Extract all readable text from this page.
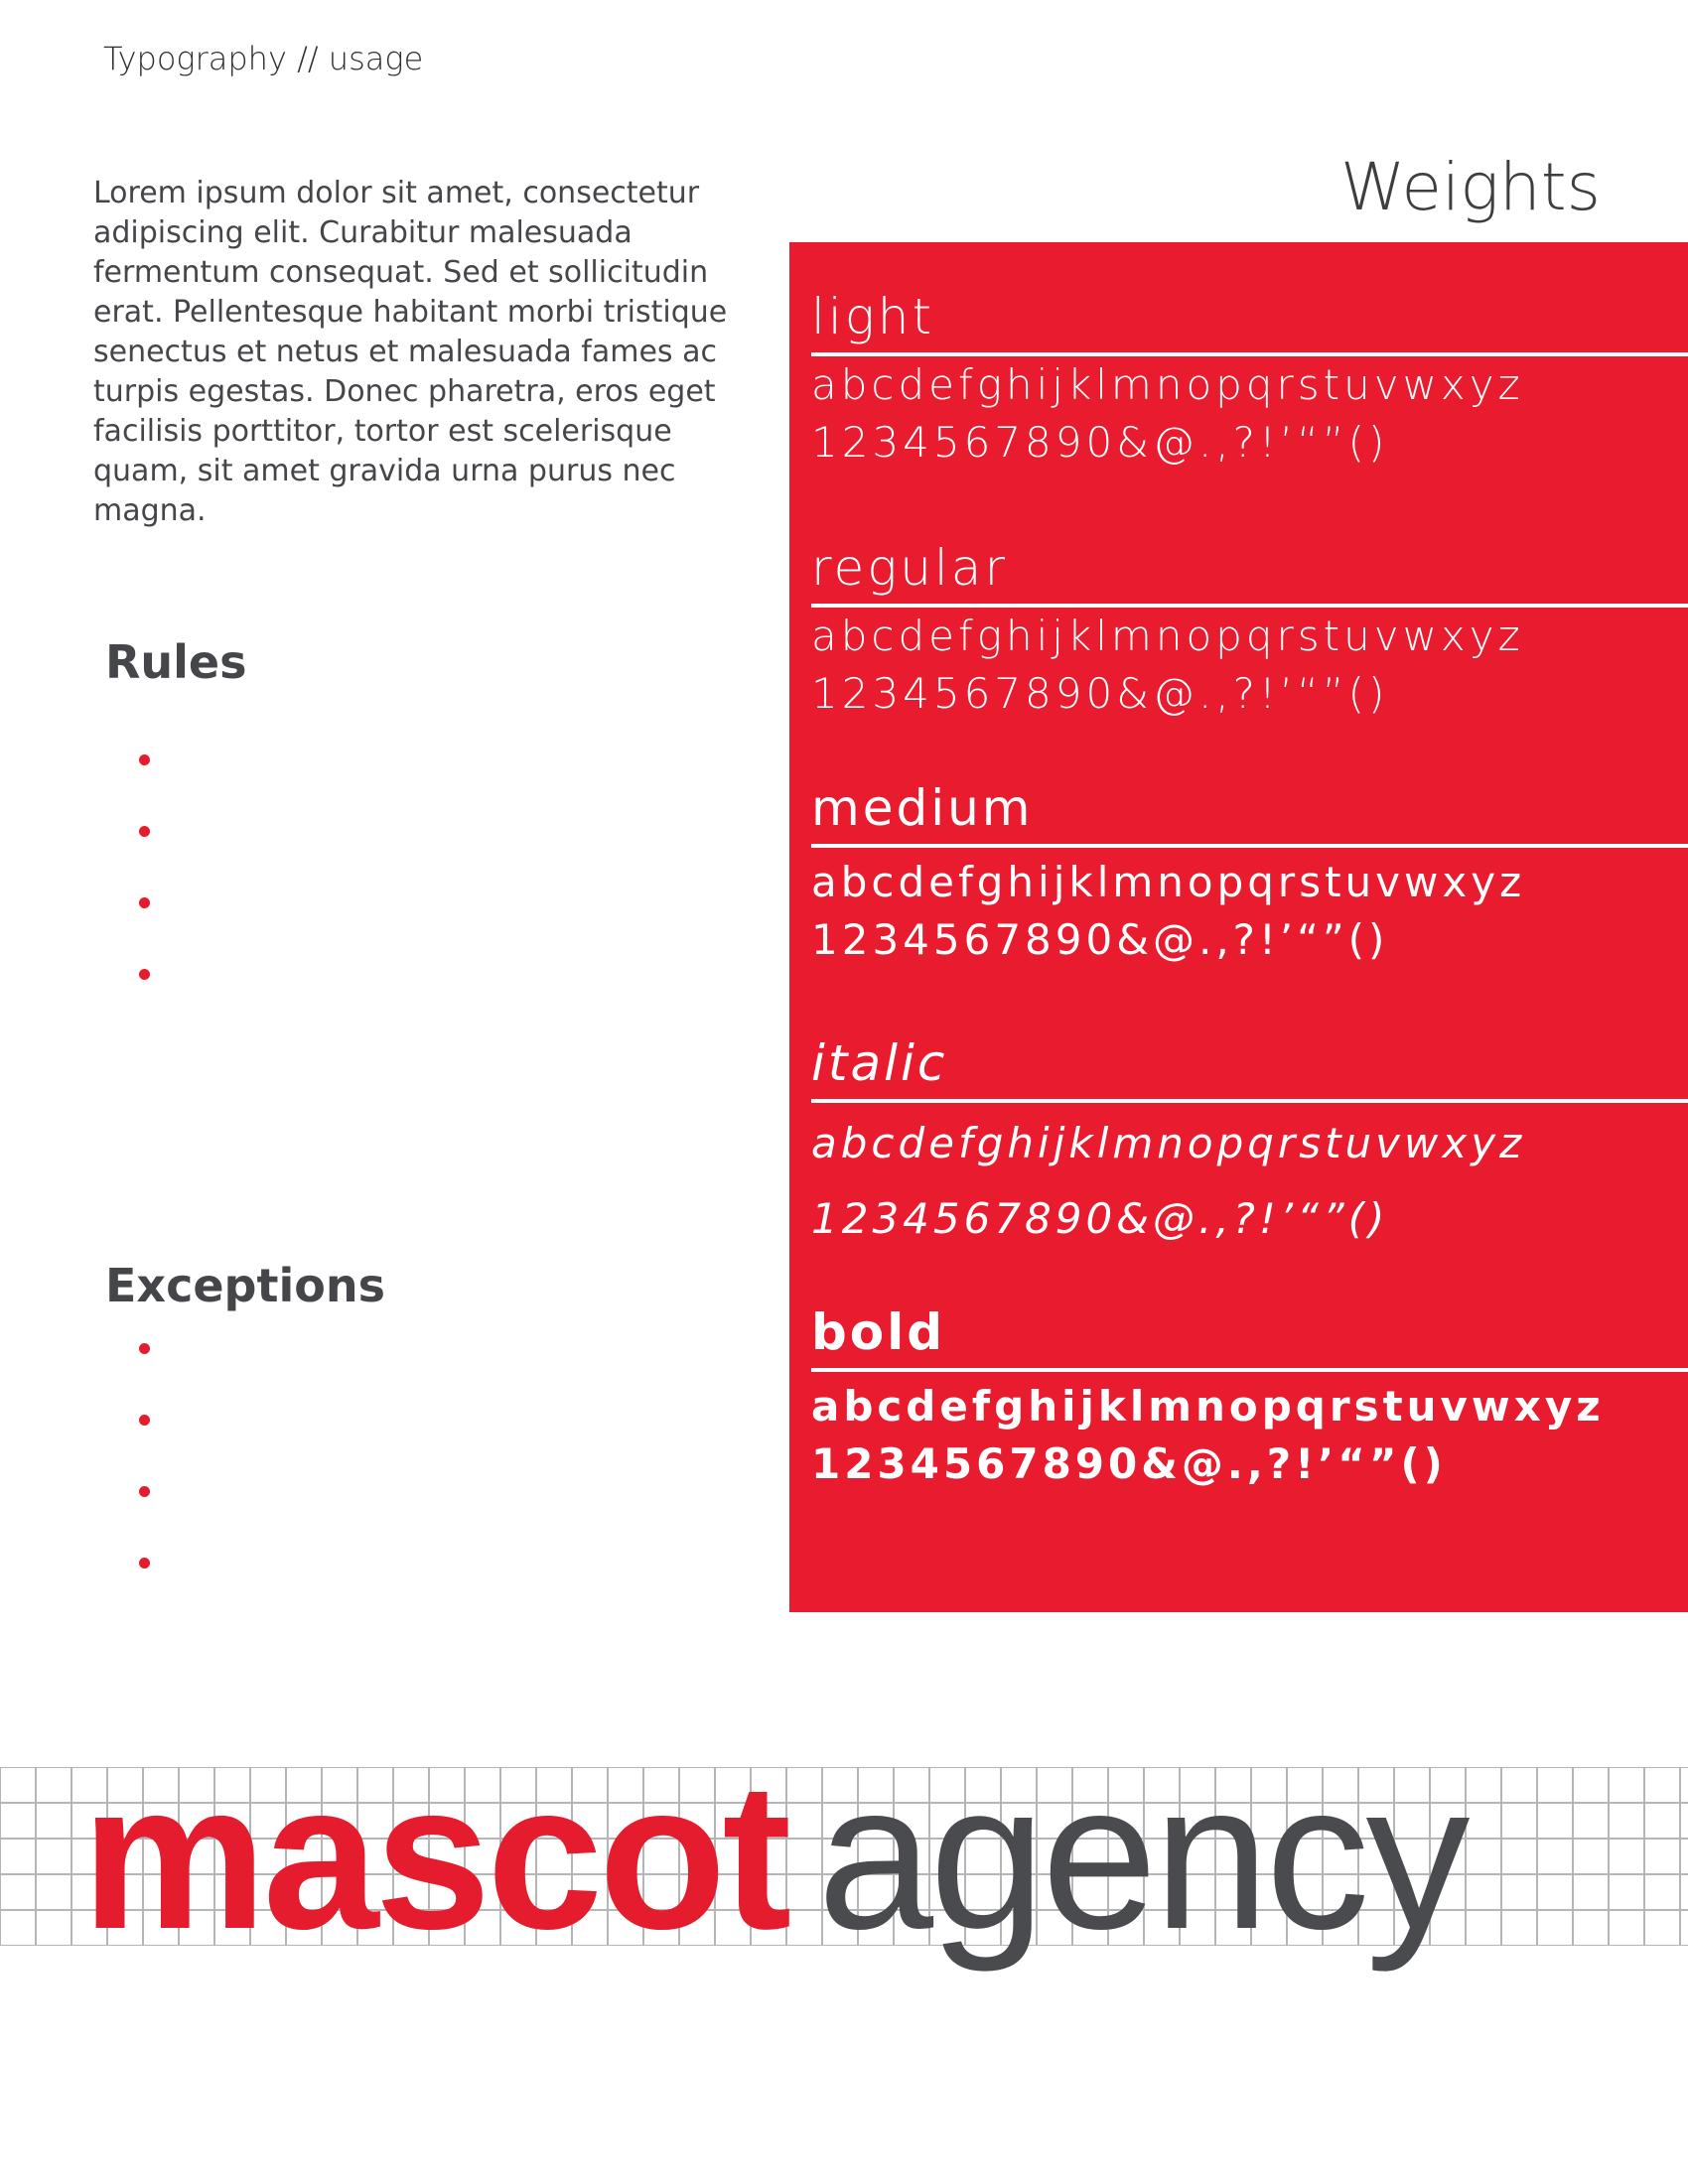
Typography // usage
Lorem ipsum dolor sit amet, consectetur adipiscing elit. Curabitur malesuada fermentum consequat. Sed et sollicitudin erat. Pellentesque habitant morbi tristique senectus et netus et malesuada fames ac turpis egestas. Donec pharetra, eros eget facilisis porttitor, tortor est scelerisque quam, sit amet gravida urna purus nec magna.
Rules
Exceptions
Weights
light
abcdefghijklmnopqrstuvwxyz
1234567890&@.,?!’“”()
regular
abcdefghijklmnopqrstuvwxyz
1234567890&@.,?!’“”()
medium
abcdefghijklmnopqrstuvwxyz
1234567890&@.,?!’“”()
italic
abcdefghijklmnopqrstuvwxyz
1234567890&@.,?!’“”()
bold
abcdefghijklmnopqrstuvwxyz
1234567890&@.,?!’“”()
mascot agency
